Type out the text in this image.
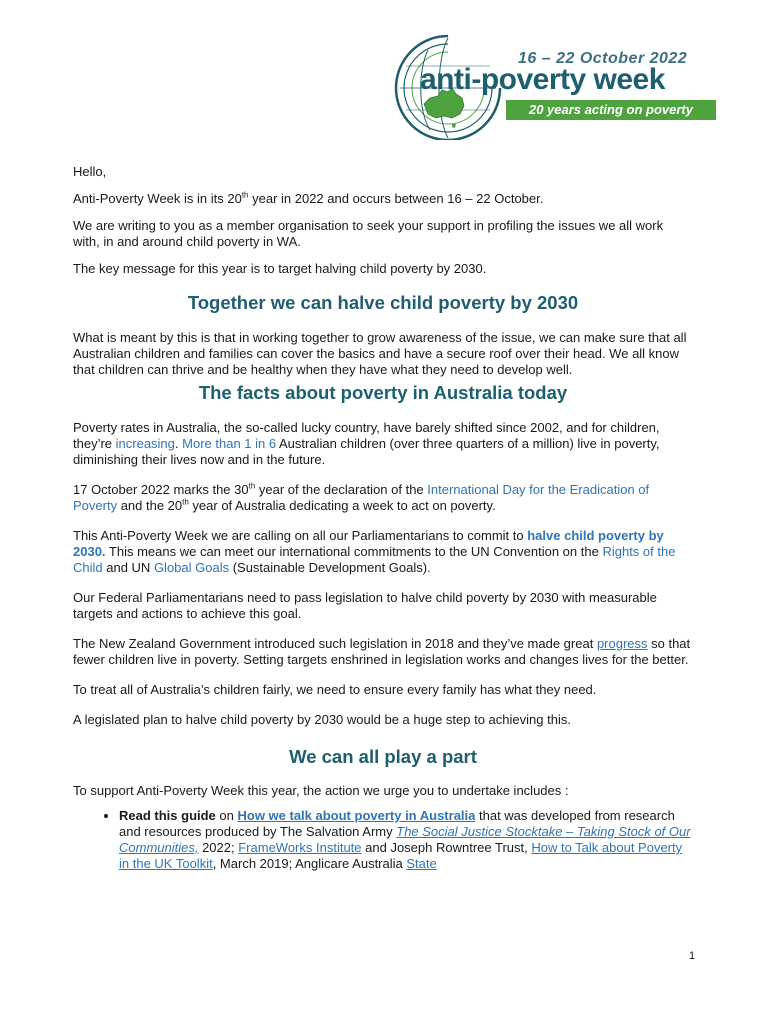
16 – 22 October 2022
anti-poverty week
20 years acting on poverty

Hello,

Anti-Poverty Week is in its 20th year in 2022 and occurs between 16 – 22 October.

We are writing to you as a member organisation to seek your support in profiling the issues we all work with, in and around child poverty in WA.

The key message for this year is to target halving child poverty by 2030.

Together we can halve child poverty by 2030

What is meant by this is that in working together to grow awareness of the issue, we can make sure that all Australian children and families can cover the basics and have a secure roof over their head. We all know that children can thrive and be healthy when they have what they need to develop well.

The facts about poverty in Australia today

Poverty rates in Australia, the so-called lucky country, have barely shifted since 2002, and for children, they’re increasing. More than 1 in 6 Australian children (over three quarters of a million) live in poverty, diminishing their lives now and in the future.

17 October 2022 marks the 30th year of the declaration of the International Day for the Eradication of Poverty and the 20th year of Australia dedicating a week to act on poverty.

This Anti-Poverty Week we are calling on all our Parliamentarians to commit to halve child poverty by 2030. This means we can meet our international commitments to the UN Convention on the Rights of the Child and UN Global Goals (Sustainable Development Goals).

Our Federal Parliamentarians need to pass legislation to halve child poverty by 2030 with measurable targets and actions to achieve this goal.

The New Zealand Government introduced such legislation in 2018 and they’ve made great progress so that fewer children live in poverty. Setting targets enshrined in legislation works and changes lives for the better.

To treat all of Australia’s children fairly, we need to ensure every family has what they need.

A legislated plan to halve child poverty by 2030 would be a huge step to achieving this.

We can all play a part

To support Anti-Poverty Week this year, the action we urge you to undertake includes :

• Read this guide on How we talk about poverty in Australia that was developed from research and resources produced by The Salvation Army The Social Justice Stocktake – Taking Stock of Our Communities, 2022; FrameWorks Institute and Joseph Rowntree Trust, How to Talk about Poverty in the UK Toolkit, March 2019; Anglicare Australia State
1
